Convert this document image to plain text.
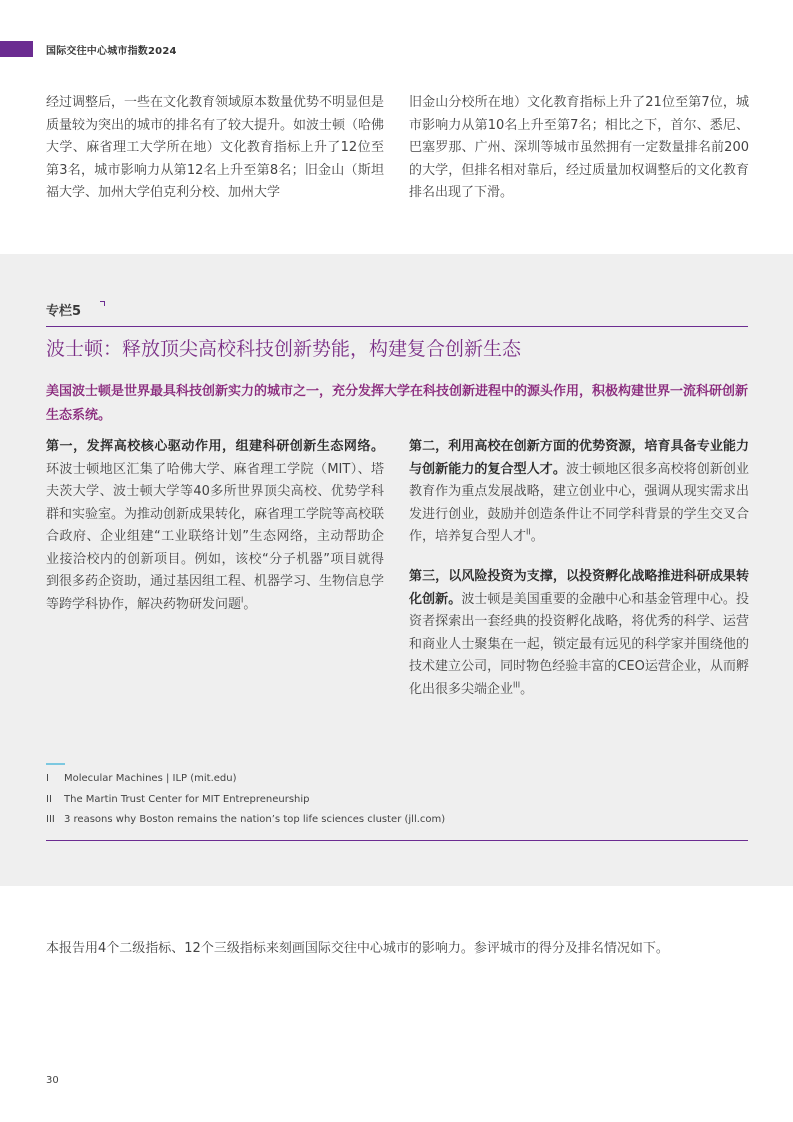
国际交往中心城市指数2024
经过调整后，一些在文化教育领域原本数量优势不明显但是质量较为突出的城市的排名有了较大提升。如波士顿（哈佛大学、麻省理工大学所在地）文化教育指标上升了12位至第3名，城市影响力从第12名上升至第8名；旧金山（斯坦福大学、加州大学伯克利分校、加州大学
旧金山分校所在地）文化教育指标上升了21位至第7位，城市影响力从第10名上升至第7名；相比之下，首尔、悉尼、巴塞罗那、广州、深圳等城市虽然拥有一定数量排名前200的大学，但排名相对靠后，经过质量加权调整后的文化教育排名出现了下滑。
专栏5
波士顿：释放顶尖高校科技创新势能，构建复合创新生态
美国波士顿是世界最具科技创新实力的城市之一，充分发挥大学在科技创新进程中的源头作用，积极构建世界一流科研创新生态系统。
第一，发挥高校核心驱动作用，组建科研创新生态网络。环波士顿地区汇集了哈佛大学、麻省理工学院（MIT）、塔夫茨大学、波士顿大学等40多所世界顶尖高校、优势学科群和实验室。为推动创新成果转化，麻省理工学院等高校联合政府、企业组建“工业联络计划”生态网络，主动帮助企业接洽校内的创新项目。例如，该校“分子机器”项目就得到很多药企资助，通过基因组工程、机器学习、生物信息学等跨学科协作，解决药物研发问题$^I$。
第二，利用高校在创新方面的优势资源，培育具备专业能力与创新能力的复合型人才。波士顿地区很多高校将创新创业教育作为重点发展战略，建立创业中心，强调从现实需求出发进行创业，鼓励并创造条件让不同学科背景的学生交叉合作，培养复合型人才$^{II}$。
第三，以风险投资为支撑，以投资孵化战略推进科研成果转化创新。波士顿是美国重要的金融中心和基金管理中心。投资者探索出一套经典的投资孵化战略，将优秀的科学、运营和商业人士聚集在一起，锁定最有远见的科学家并围绕他的技术建立公司，同时物色经验丰富的CEO运营企业，从而孵化出很多尖端企业$^{III}$。
I Molecular Machines | ILP (mit.edu)
II The Martin Trust Center for MIT Entrepreneurship
III 3 reasons why Boston remains the nation’s top life sciences cluster (jll.com)
本报告用4个二级指标、12个三级指标来刻画国际交往中心城市的影响力。参评城市的得分及排名情况如下。
30
